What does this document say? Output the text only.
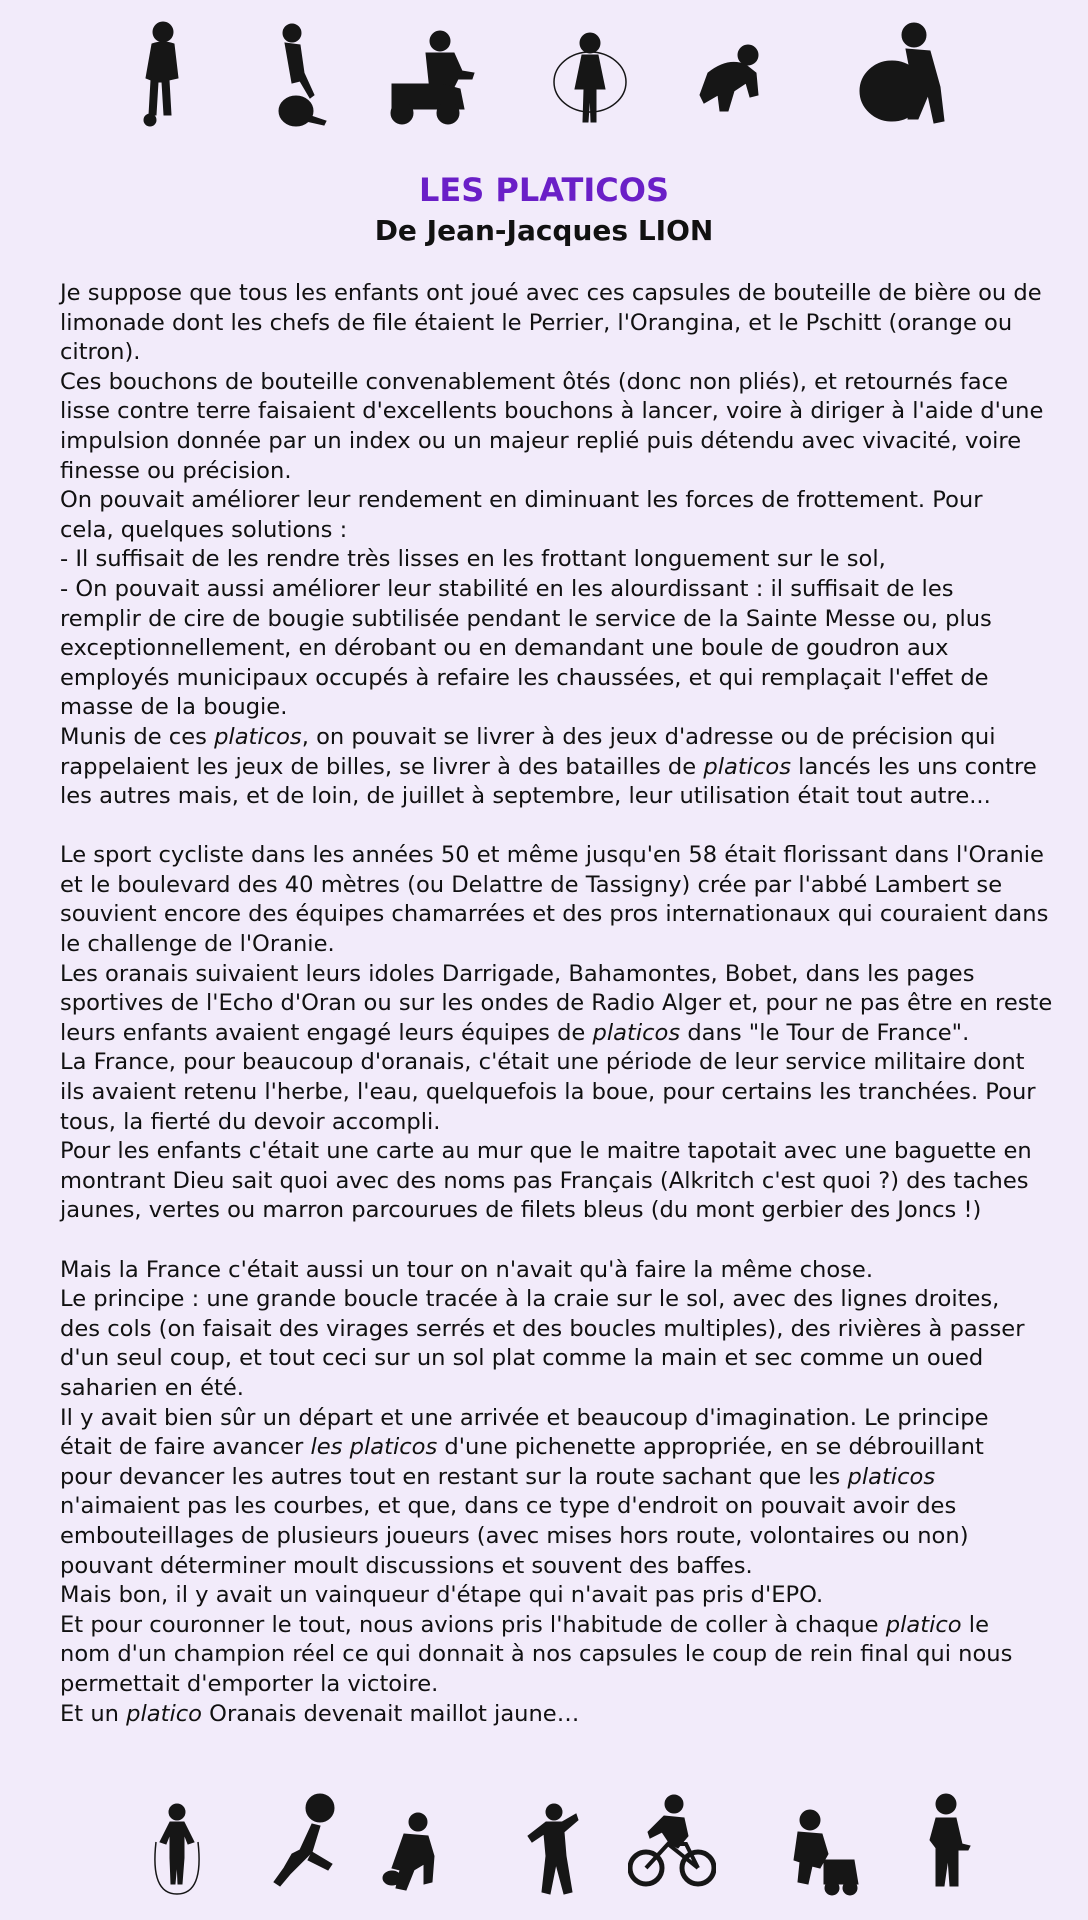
LES PLATICOS
De Jean-Jacques LION

Je suppose que tous les enfants ont joué avec ces capsules de bouteille de bière ou de

limonade dont les chefs de file étaient le Perrier, l'Orangina, et le Pschitt (orange ou

citron).

Ces bouchons de bouteille convenablement ôtés (donc non pliés), et retournés face

lisse contre terre faisaient d'excellents bouchons à lancer, voire à diriger à l'aide d'une

impulsion donnée par un index ou un majeur replié puis détendu avec vivacité, voire

finesse ou précision.

On pouvait améliorer leur rendement en diminuant les forces de frottement. Pour

cela, quelques solutions :

- Il suffisait de les rendre très lisses en les frottant longuement sur le sol,

- On pouvait aussi améliorer leur stabilité en les alourdissant : il suffisait de les

remplir de cire de bougie subtilisée pendant le service de la Sainte Messe ou, plus

exceptionnellement, en dérobant ou en demandant une boule de goudron aux

employés municipaux occupés à refaire les chaussées, et qui remplaçait l'effet de

masse de la bougie.

Munis de ces platicos, on pouvait se livrer à des jeux d'adresse ou de précision qui

rappelaient les jeux de billes, se livrer à des batailles de platicos lancés les uns contre

les autres mais, et de loin, de juillet à septembre, leur utilisation était tout autre...

Le sport cycliste dans les années 50 et même jusqu'en 58 était florissant dans l'Oranie

et le boulevard des 40 mètres (ou Delattre de Tassigny) crée par l'abbé Lambert se

souvient encore des équipes chamarrées et des pros internationaux qui couraient dans

le challenge de l'Oranie.

Les oranais suivaient leurs idoles Darrigade, Bahamontes, Bobet, dans les pages

sportives de l'Echo d'Oran ou sur les ondes de Radio Alger et, pour ne pas être en reste

leurs enfants avaient engagé leurs équipes de platicos dans "le Tour de France".

La France, pour beaucoup d'oranais, c'était une période de leur service militaire dont

ils avaient retenu l'herbe, l'eau, quelquefois la boue, pour certains les tranchées. Pour

tous, la fierté du devoir accompli.

Pour les enfants c'était une carte au mur que le maitre tapotait avec une baguette en

montrant Dieu sait quoi avec des noms pas Français (Alkritch c'est quoi ?) des taches

jaunes, vertes ou marron parcourues de filets bleus (du mont gerbier des Joncs !)

Mais la France c'était aussi un tour on n'avait qu'à faire la même chose.

Le principe : une grande boucle tracée à la craie sur le sol, avec des lignes droites,

des cols (on faisait des virages serrés et des boucles multiples), des rivières à passer

d'un seul coup, et tout ceci sur un sol plat comme la main et sec comme un oued

saharien en été.

Il y avait bien sûr un départ et une arrivée et beaucoup d'imagination. Le principe

était de faire avancer les platicos d'une pichenette appropriée, en se débrouillant

pour devancer les autres tout en restant sur la route sachant que les platicos

n'aimaient pas les courbes, et que, dans ce type d'endroit on pouvait avoir des

embouteillages de plusieurs joueurs (avec mises hors route, volontaires ou non)

pouvant déterminer moult discussions et souvent des baffes.

Mais bon, il y avait un vainqueur d'étape qui n'avait pas pris d'EPO.

Et pour couronner le tout, nous avions pris l'habitude de coller à chaque platico le

nom d'un champion réel ce qui donnait à nos capsules le coup de rein final qui nous

permettait d'emporter la victoire.

Et un platico Oranais devenait maillot jaune…
